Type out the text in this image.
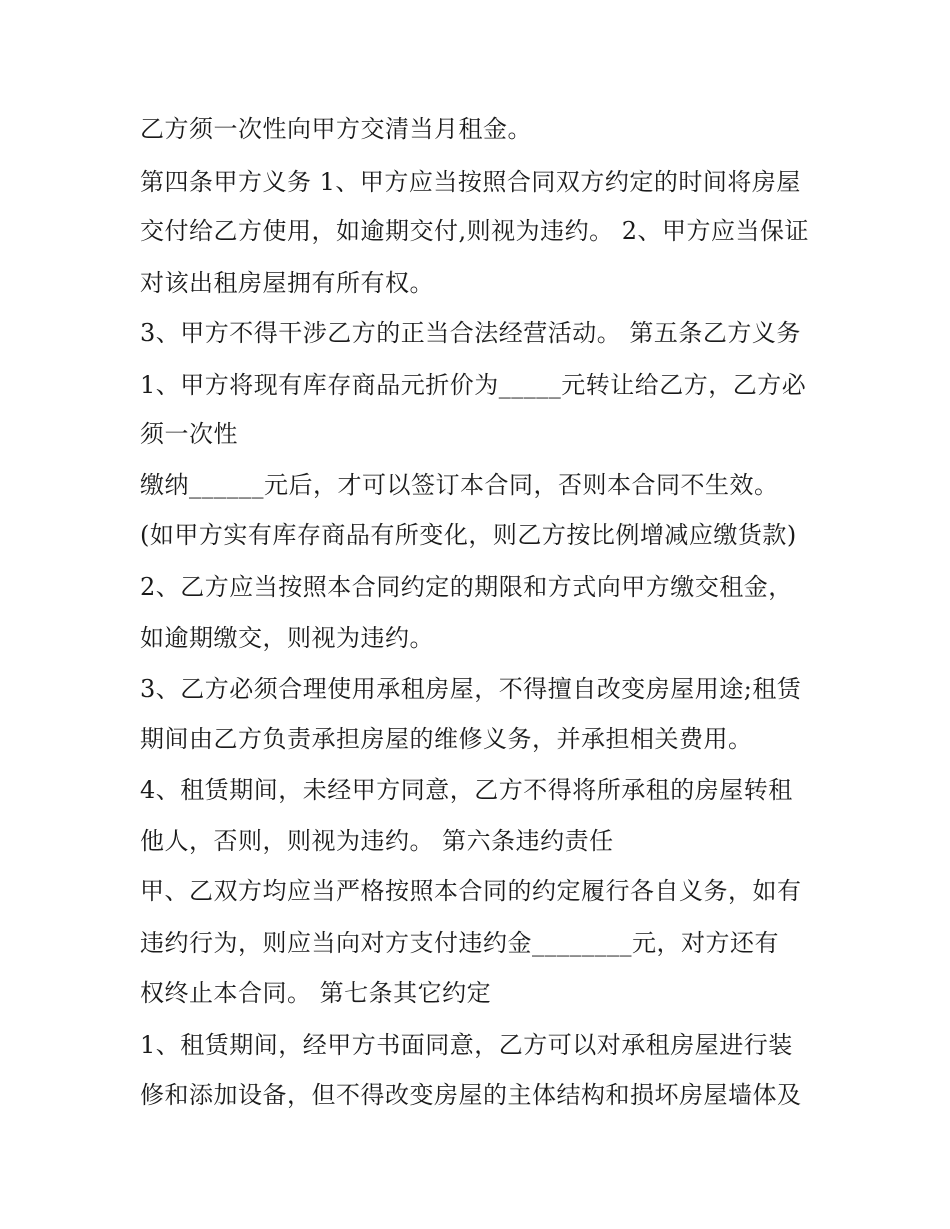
乙方须一次性向甲方交清当月租金。
第四条甲方义务 1、甲方应当按照合同双方约定的时间将房屋
交付给乙方使用，如逾期交付,则视为违约。 2、甲方应当保证
对该出租房屋拥有所有权。
3、甲方不得干涉乙方的正当合法经营活动。 第五条乙方义务
1、甲方将现有库存商品元折价为_____元转让给乙方，乙方必
须一次性
缴纳______元后，才可以签订本合同，否则本合同不生效。
(如甲方实有库存商品有所变化，则乙方按比例增减应缴货款)
2、乙方应当按照本合同约定的期限和方式向甲方缴交租金，
如逾期缴交，则视为违约。
3、乙方必须合理使用承租房屋，不得擅自改变房屋用途;租赁
期间由乙方负责承担房屋的维修义务，并承担相关费用。
4、租赁期间，未经甲方同意，乙方不得将所承租的房屋转租
他人，否则，则视为违约。 第六条违约责任
甲、乙双方均应当严格按照本合同的约定履行各自义务，如有
违约行为，则应当向对方支付违约金________元，对方还有
权终止本合同。 第七条其它约定
1、租赁期间，经甲方书面同意，乙方可以对承租房屋进行装
修和添加设备，但不得改变房屋的主体结构和损坏房屋墙体及
